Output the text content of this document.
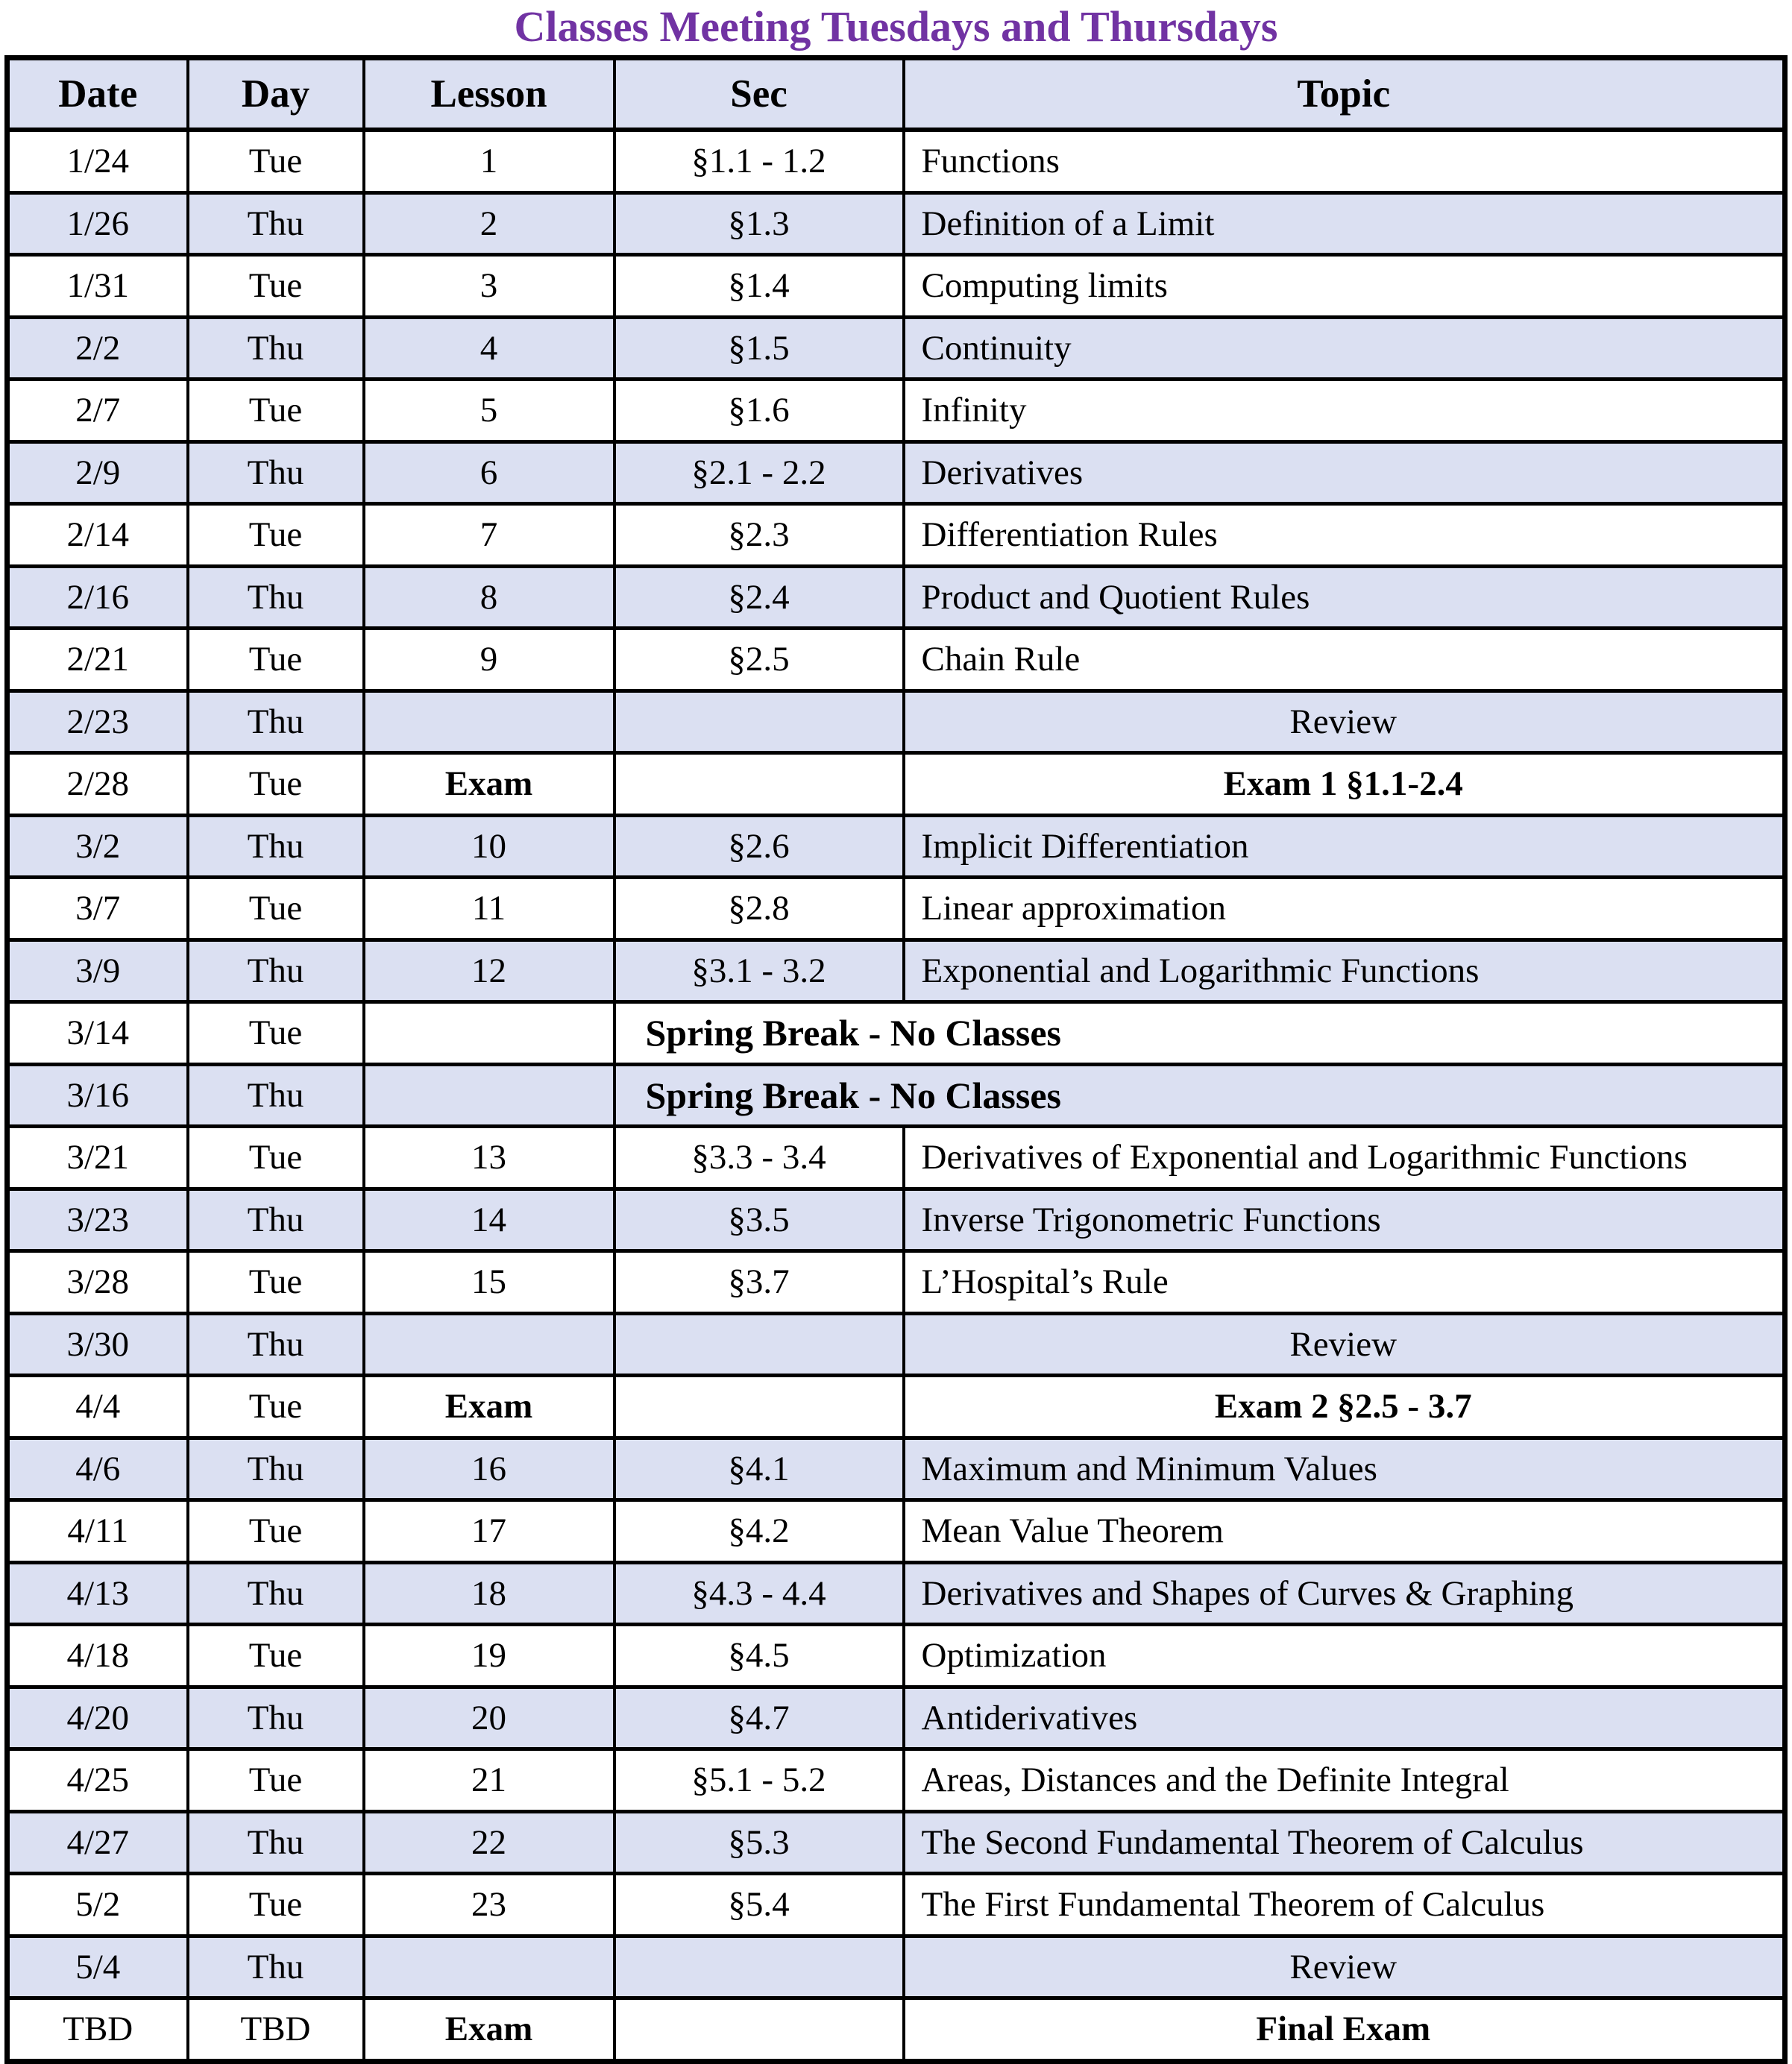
Classes Meeting Tuesdays and Thursdays
Date	Day	Lesson	Sec	Topic
1/24	Tue	1	§1.1 - 1.2	Functions
1/26	Thu	2	§1.3	Definition of a Limit
1/31	Tue	3	§1.4	Computing limits
2/2	Thu	4	§1.5	Continuity
2/7	Tue	5	§1.6	Infinity
2/9	Thu	6	§2.1 - 2.2	Derivatives
2/14	Tue	7	§2.3	Differentiation Rules
2/16	Thu	8	§2.4	Product and Quotient Rules
2/21	Tue	9	§2.5	Chain Rule
2/23	Thu			Review
2/28	Tue	Exam		Exam 1 §1.1-2.4
3/2	Thu	10	§2.6	Implicit Differentiation
3/7	Tue	11	§2.8	Linear approximation
3/9	Thu	12	§3.1 - 3.2	Exponential and Logarithmic Functions
3/14	Tue		Spring Break - No Classes	
3/16	Thu		Spring Break - No Classes	
3/21	Tue	13	§3.3 - 3.4	Derivatives of Exponential and Logarithmic Functions
3/23	Thu	14	§3.5	Inverse Trigonometric Functions
3/28	Tue	15	§3.7	L’Hospital’s Rule
3/30	Thu			Review
4/4	Tue	Exam		Exam 2 §2.5 - 3.7
4/6	Thu	16	§4.1	Maximum and Minimum Values
4/11	Tue	17	§4.2	Mean Value Theorem
4/13	Thu	18	§4.3 - 4.4	Derivatives and Shapes of Curves & Graphing
4/18	Tue	19	§4.5	Optimization
4/20	Thu	20	§4.7	Antiderivatives
4/25	Tue	21	§5.1 - 5.2	Areas, Distances and the Definite Integral
4/27	Thu	22	§5.3	The Second Fundamental Theorem of Calculus
5/2	Tue	23	§5.4	The First Fundamental Theorem of Calculus
5/4	Thu			Review
TBD	TBD	Exam		Final Exam
